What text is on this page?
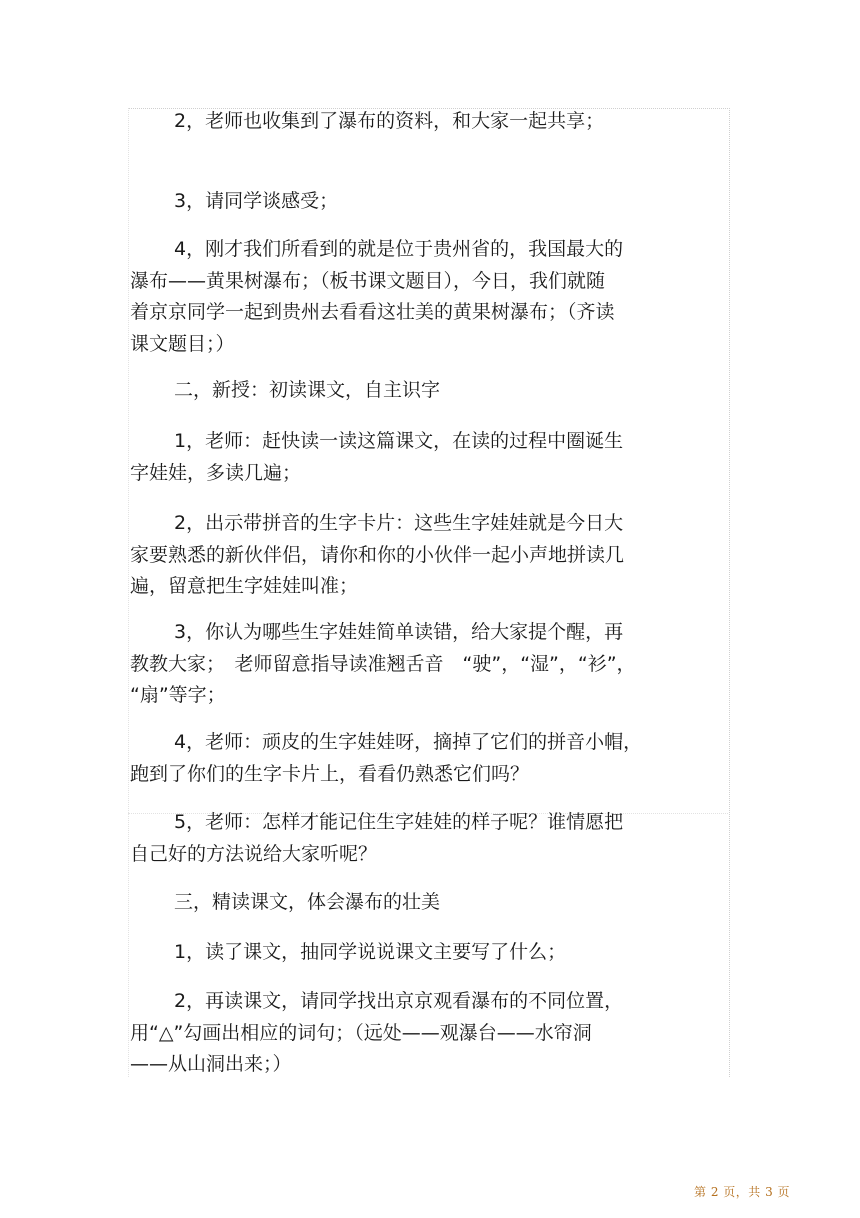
2，老师也收集到了瀑布的资料，和大家一起共享；

3，请同学谈感受；

4，刚才我们所看到的就是位于贵州省的，我国最大的
瀑布——黄果树瀑布；（板书课文题目），今日，我们就随
着京京同学一起到贵州去看看这壮美的黄果树瀑布；（齐读
课文题目；）

二，新授：初读课文，自主识字

1，老师：赶快读一读这篇课文，在读的过程中圈诞生
字娃娃，多读几遍；

2，出示带拼音的生字卡片：这些生字娃娃就是今日大
家要熟悉的新伙伴侣，请你和你的小伙伴一起小声地拼读几
遍，留意把生字娃娃叫准；

3，你认为哪些生字娃娃简单读错，给大家提个醒，再
教教大家；　老师留意指导读准翘舌音　“驶”，“湿”，“衫”，
“扇”等字；

4，老师：顽皮的生字娃娃呀，摘掉了它们的拼音小帽，
跑到了你们的生字卡片上，看看仍熟悉它们吗？

5，老师：怎样才能记住生字娃娃的样子呢？谁情愿把
自己好的方法说给大家听呢？

三，精读课文，体会瀑布的壮美

1，读了课文，抽同学说说课文主要写了什么；

2，再读课文，请同学找出京京观看瀑布的不同位置，
用“△”勾画出相应的词句；（远处——观瀑台——水帘洞
——从山洞出来；）

第 2 页，共 3 页
